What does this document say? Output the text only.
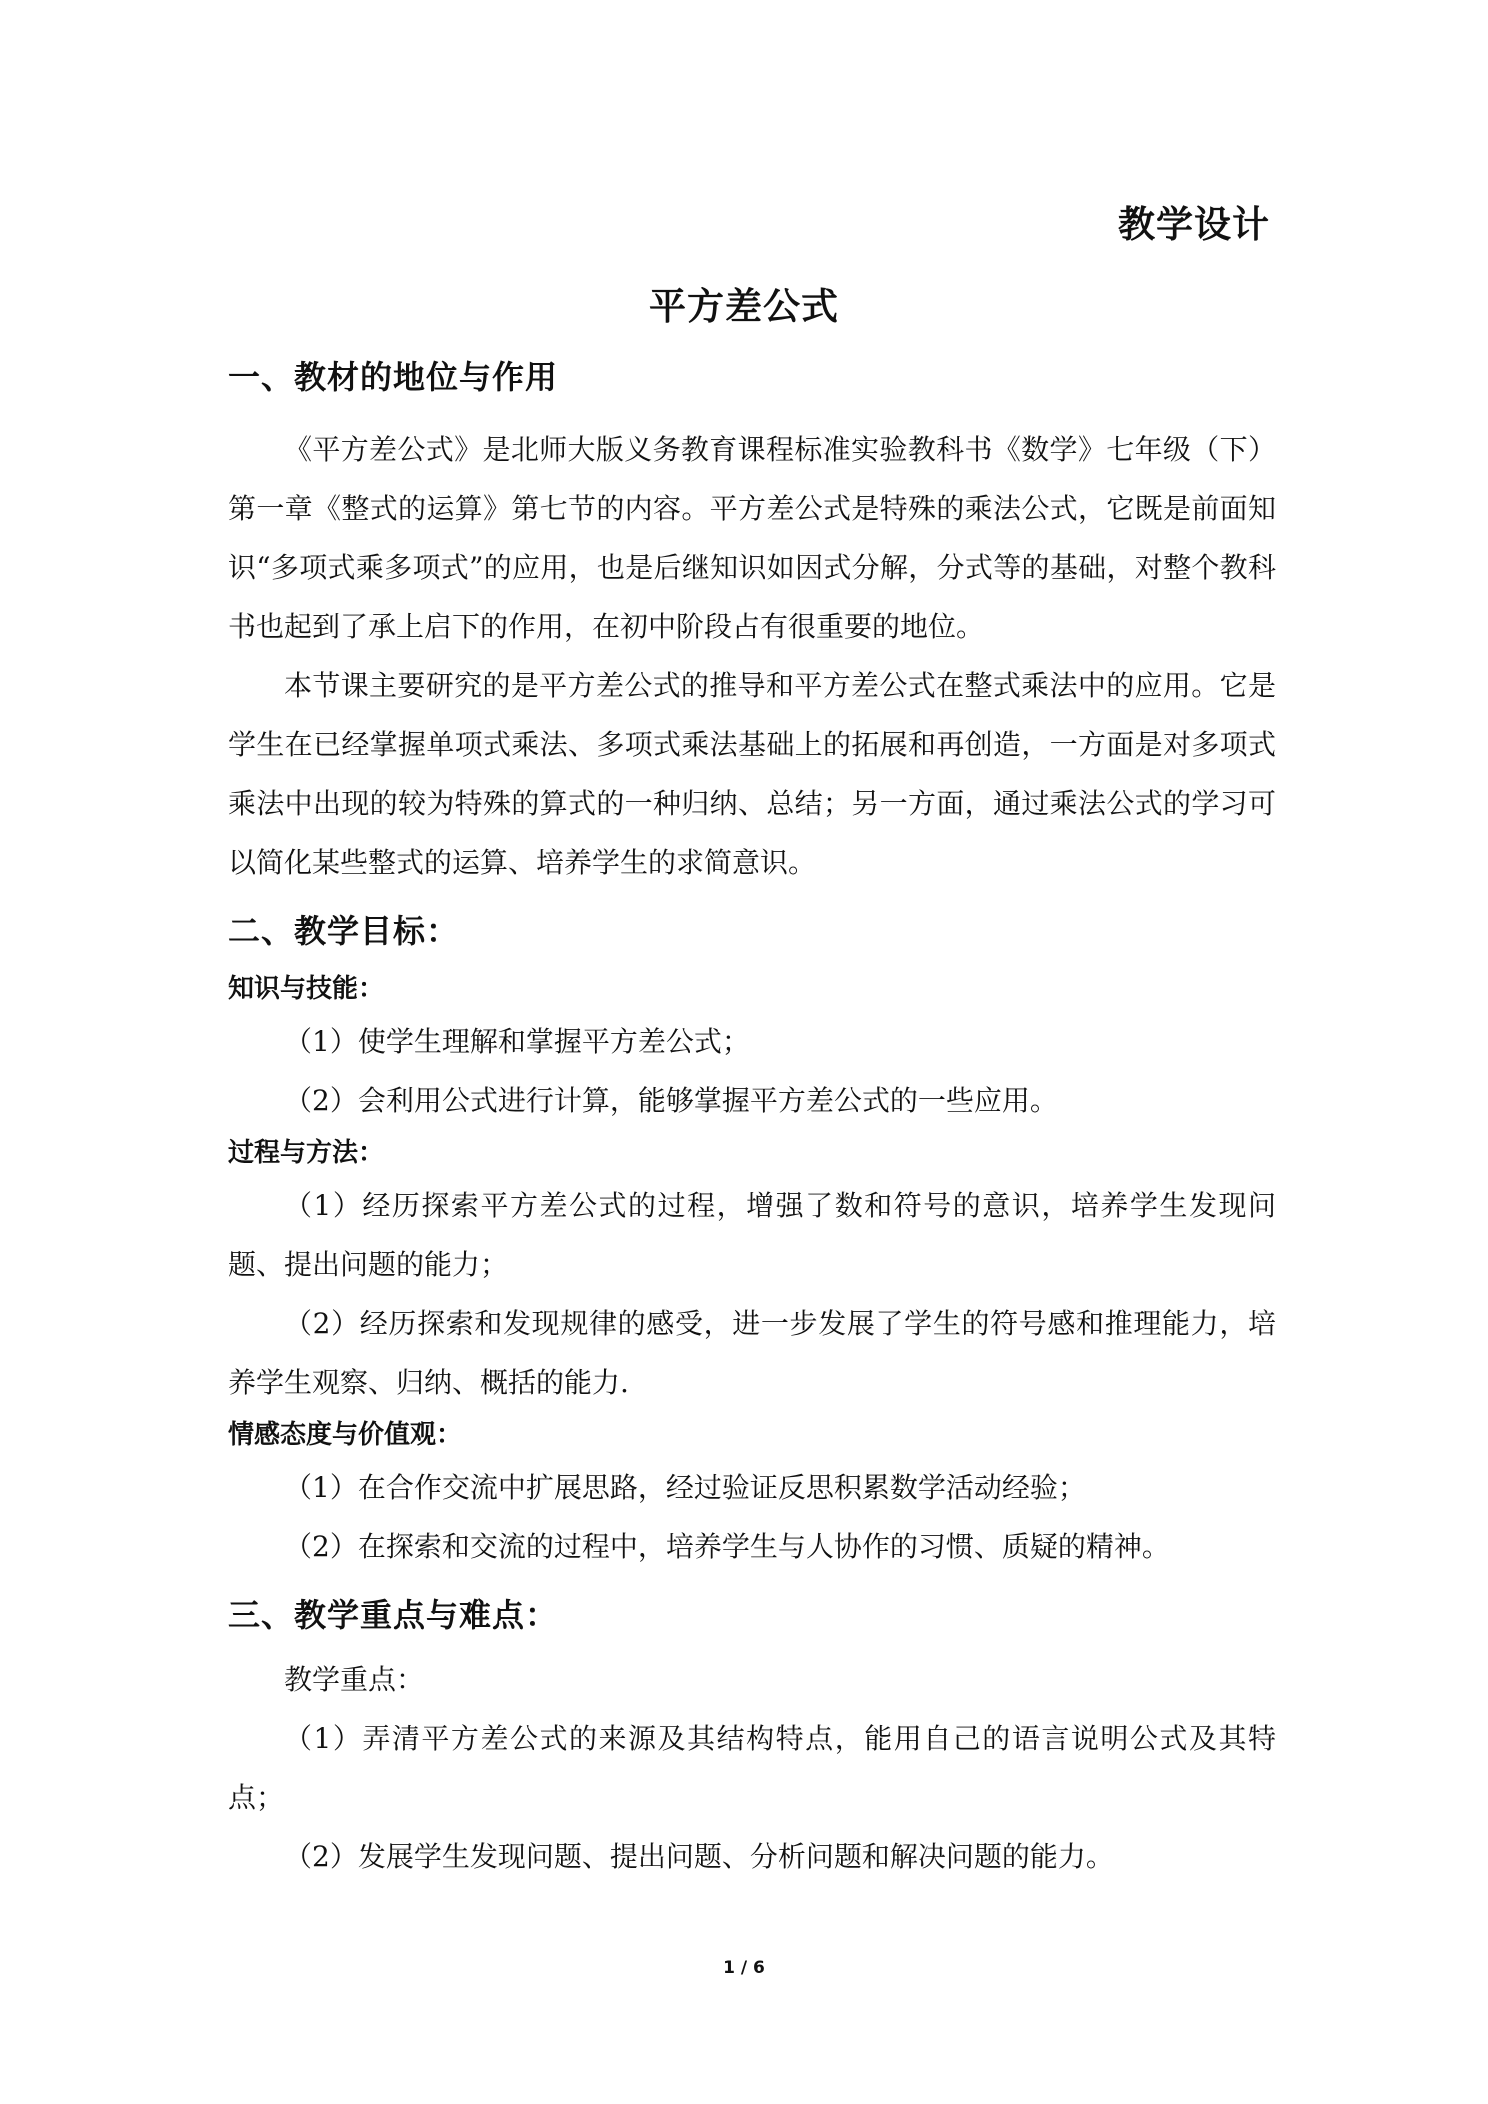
教学设计
平方差公式
一、教材的地位与作用

《平方差公式》是北师大版义务教育课程标准实验教科书《数学》七年级（下）第一章《整式的运算》第七节的内容。平方差公式是特殊的乘法公式，它既是前面知识“多项式乘多项式”的应用，也是后继知识如因式分解，分式等的基础，对整个教科书也起到了承上启下的作用，在初中阶段占有很重要的地位。

本节课主要研究的是平方差公式的推导和平方差公式在整式乘法中的应用。它是学生在已经掌握单项式乘法、多项式乘法基础上的拓展和再创造，一方面是对多项式乘法中出现的较为特殊的算式的一种归纳、总结；另一方面，通过乘法公式的学习可以简化某些整式的运算、培养学生的求简意识。

二、教学目标：
知识与技能：

（1）使学生理解和掌握平方差公式；

（2）会利用公式进行计算，能够掌握平方差公式的一些应用。

过程与方法：

（1）经历探索平方差公式的过程，增强了数和符号的意识，培养学生发现问题、提出问题的能力；

（2）经历探索和发现规律的感受，进一步发展了学生的符号感和推理能力，培养学生观察、归纳、概括的能力.

情感态度与价值观：

（1）在合作交流中扩展思路，经过验证反思积累数学活动经验；

（2）在探索和交流的过程中，培养学生与人协作的习惯、质疑的精神。

三、教学重点与难点：

教学重点：

（1）弄清平方差公式的来源及其结构特点，能用自己的语言说明公式及其特点；

（2）发展学生发现问题、提出问题、分析问题和解决问题的能力。

1 / 6
